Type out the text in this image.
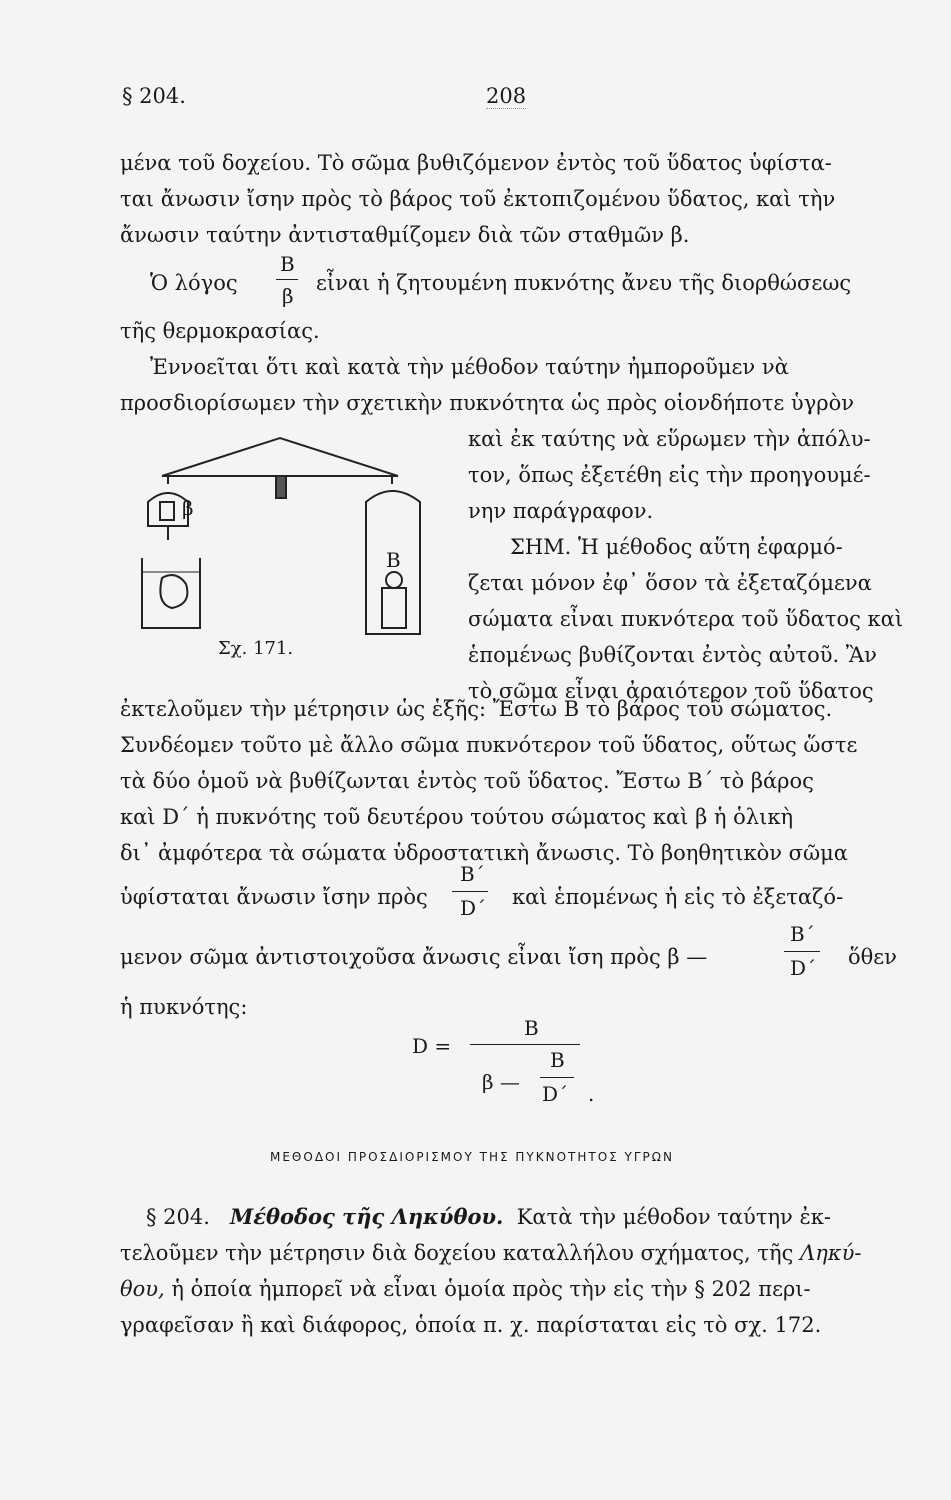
§ 204.	208
μένα τοῦ δοχείου. Τὸ σῶμα βυθιζόμενον ἐντὸς τοῦ ὕδατος ὑφίστα-
ται ἄνωσιν ἴσην πρὸς τὸ βάρος τοῦ ἐκτοπιζομένου ὕδατος, καὶ τὴν
ἄνωσιν ταύτην ἀντισταθμίζομεν διὰ τῶν σταθμῶν β.
Ὁ λόγος
B
β
εἶναι ἡ ζητουμένη πυκνότης ἄνευ τῆς διορθώσεως
τῆς θερμοκρασίας.
Ἐννοεῖται ὅτι καὶ κατὰ τὴν μέθοδον ταύτην ἠμποροῦμεν νὰ
προσδιορίσωμεν τὴν σχετικὴν πυκνότητα ὡς πρὸς οἱονδήποτε ὑγρὸν
καὶ ἐκ ταύτης νὰ εὕρωμεν τὴν ἀπόλυ-
τον, ὅπως ἐξετέθη εἰς τὴν προηγουμέ-
νην παράγραφον.
ΣΗΜ. Ἡ μέθοδος αὕτη ἐφαρμό-
ζεται μόνον ἐφ᾽ ὅσον τὰ ἐξεταζόμενα
σώματα εἶναι πυκνότερα τοῦ ὕδατος καὶ
ἑπομένως βυθίζονται ἐντὸς αὐτοῦ. Ἂν
τὸ σῶμα εἶναι ἀραιότερον τοῦ ὕδατος
β
B
Σχ. 171.
ἐκτελοῦμεν τὴν μέτρησιν ὡς ἑξῆς: Ἔστω B τὸ βάρος τοῦ σώματος.
Συνδέομεν τοῦτο μὲ ἄλλο σῶμα πυκνότερον τοῦ ὕδατος, οὕτως ὥστε
τὰ δύο ὁμοῦ νὰ βυθίζωνται ἐντὸς τοῦ ὕδατος. Ἔστω B´ τὸ βάρος
καὶ D´ ἡ πυκνότης τοῦ δευτέρου τούτου σώματος καὶ β ἡ ὁλικὴ
δι᾽ ἀμφότερα τὰ σώματα ὑδροστατικὴ ἄνωσις. Τὸ βοηθητικὸν σῶμα
ὑφίσταται ἄνωσιν ἴσην πρὸς
B´
D´ καὶ ἑπομένως ἡ εἰς τὸ ἐξεταζό-
μενον σῶμα ἀντιστοιχοῦσα ἄνωσις εἶναι ἴση πρὸς β —
B´
D´ ὅθεν
ἡ πυκνότης:
D =
B
β —
B
D´ .
ΜΕΘΟΔΟΙ ΠΡΟΣΔΙΟΡΙΣΜΟΥ ΤΗΣ ΠΥΚΝΟΤΗΤΟΣ ΥΓΡΩΝ
§ 204. Μέθοδος τῆς Ληκύθου. Κατὰ τὴν μέθοδον ταύτην ἐκ-
τελοῦμεν τὴν μέτρησιν διὰ δοχείου καταλλήλου σχήματος, τῆς Ληκύ-
θου, ἡ ὁποία ἠμπορεῖ νὰ εἶναι ὁμοία πρὸς τὴν εἰς τὴν § 202 περι-
γραφεῖσαν ἢ καὶ διάφορος, ὁποία π. χ. παρίσταται εἰς τὸ σχ. 172.
